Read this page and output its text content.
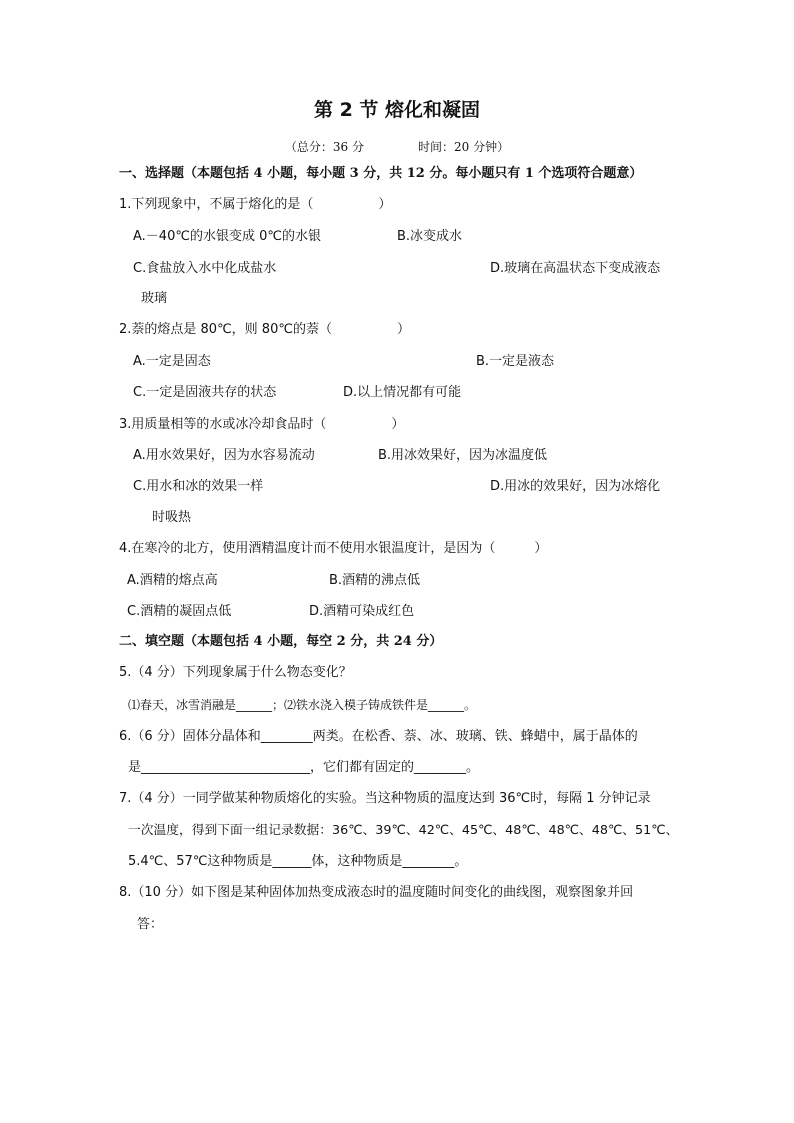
第 2 节 熔化和凝固
（总分：36 分	时间：20 分钟）
一、选择题（本题包括 4 小题，每小题 3 分，共 12 分。每小题只有 1 个选项符合题意）
1.下列现象中，不属于熔化的是（　　　　　）
A.－40℃的水银变成 0℃的水银	B.冰变成水
C.食盐放入水中化成盐水	D.玻璃在高温状态下变成液态
玻璃
2.萘的熔点是 80℃，则 80℃的萘（　　　　　）
A.一定是固态	B.一定是液态
C.一定是固液共存的状态	D.以上情况都有可能
3.用质量相等的水或冰冷却食品时（　　　　　）
A.用水效果好，因为水容易流动	B.用冰效果好，因为冰温度低
C.用水和冰的效果一样	D.用冰的效果好，因为冰熔化
时吸热
4.在寒冷的北方，使用酒精温度计而不使用水银温度计，是因为（　　　）
A.酒精的熔点高	B.酒精的沸点低
C.酒精的凝固点低	D.酒精可染成红色
二、填空题（本题包括 4 小题，每空 2 分，共 24 分）
5.（4 分）下列现象属于什么物态变化？
⑴春天，冰雪消融是______；⑵铁水浇入模子铸成铁件是______。
6.（6 分）固体分晶体和________两类。在松香、萘、冰、玻璃、铁、蜂蜡中，属于晶体的
是__________________________，它们都有固定的________。
7.（4 分）一同学做某种物质熔化的实验。当这种物质的温度达到 36℃时，每隔 1 分钟记录
一次温度，得到下面一组记录数据：36℃、39℃、42℃、45℃、48℃、48℃、48℃、51℃、
5.4℃、57℃这种物质是______体，这种物质是________。
8.（10 分）如下图是某种固体加热变成液态时的温度随时间变化的曲线图，观察图象并回
答：
